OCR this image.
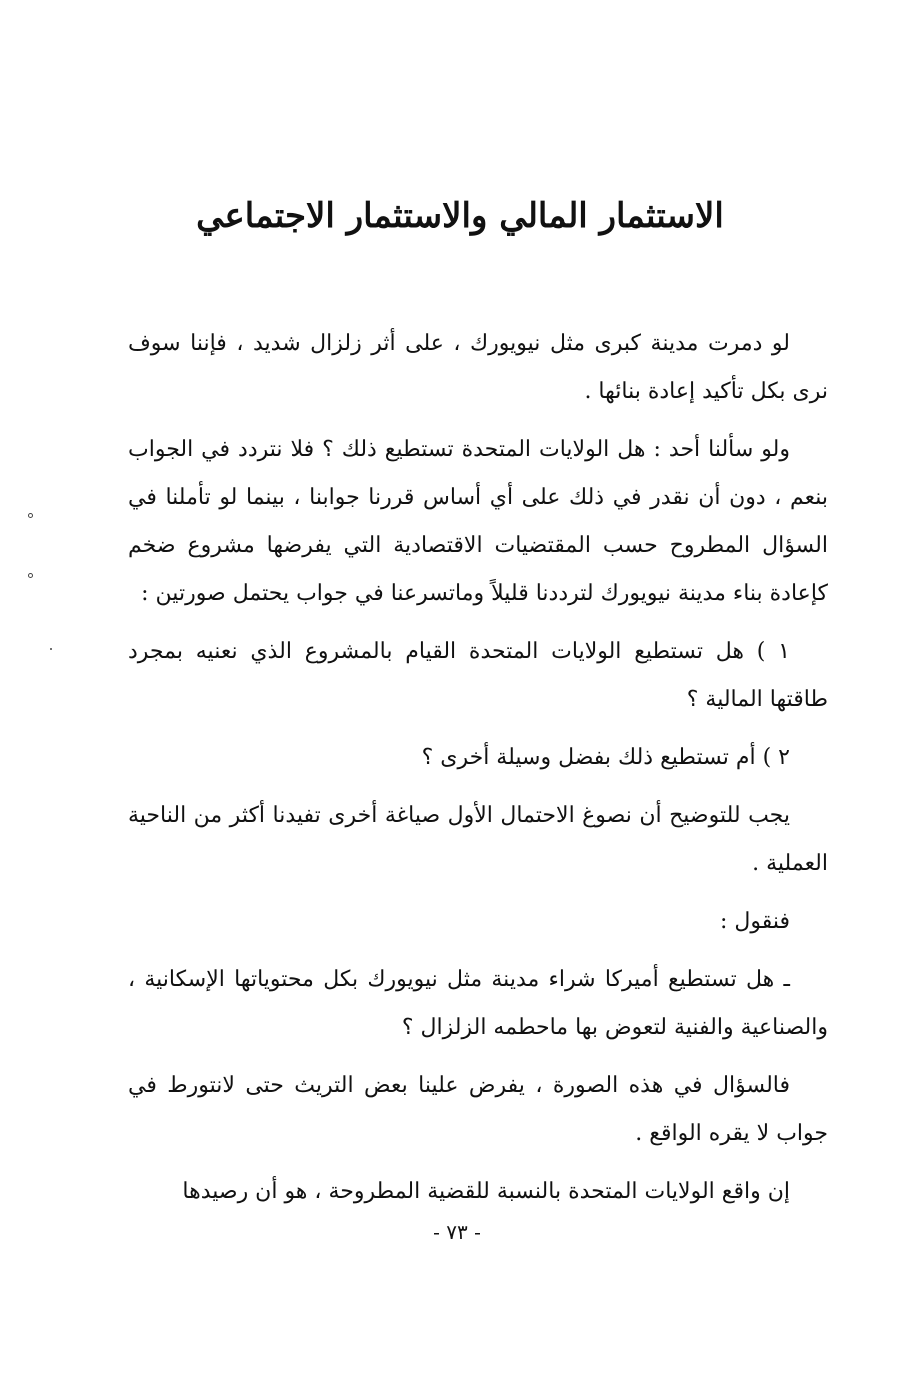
الاستثمار المالي والاستثمار الاجتماعي

لو دمرت مدينة كبرى مثل نيويورك ، على أثر زلزال شديد ، فإننا سوف نرى بكل تأكيد إعادة بنائها .

ولو سألنا أحد : هل الولايات المتحدة تستطيع ذلك ؟ فلا نتردد في الجواب بنعم ، دون أن نقدر في ذلك على أي أساس قررنا جوابنا ، بينما لو تأملنا في السؤال المطروح حسب المقتضيات الاقتصادية التي يفرضها مشروع ضخم كإعادة بناء مدينة نيويورك لترددنا قليلاً وماتسرعنا في جواب يحتمل صورتين :

١ ) هل تستطيع الولايات المتحدة القيام بالمشروع الذي نعنيه بمجرد طاقتها المالية ؟

٢ ) أم تستطيع ذلك بفضل وسيلة أخرى ؟

يجب للتوضيح أن نصوغ الاحتمال الأول صياغة أخرى تفيدنا أكثر من الناحية العملية .

فنقول :

ـ هل تستطيع أميركا شراء مدينة مثل نيويورك بكل محتوياتها الإسكانية ، والصناعية والفنية لتعوض بها ماحطمه الزلزال ؟

فالسؤال في هذه الصورة ، يفرض علينا بعض التريث حتى لانتورط في جواب لا يقره الواقع .

إن واقع الولايات المتحدة بالنسبة للقضية المطروحة ، هو أن رصيدها

- ٧٣ -
